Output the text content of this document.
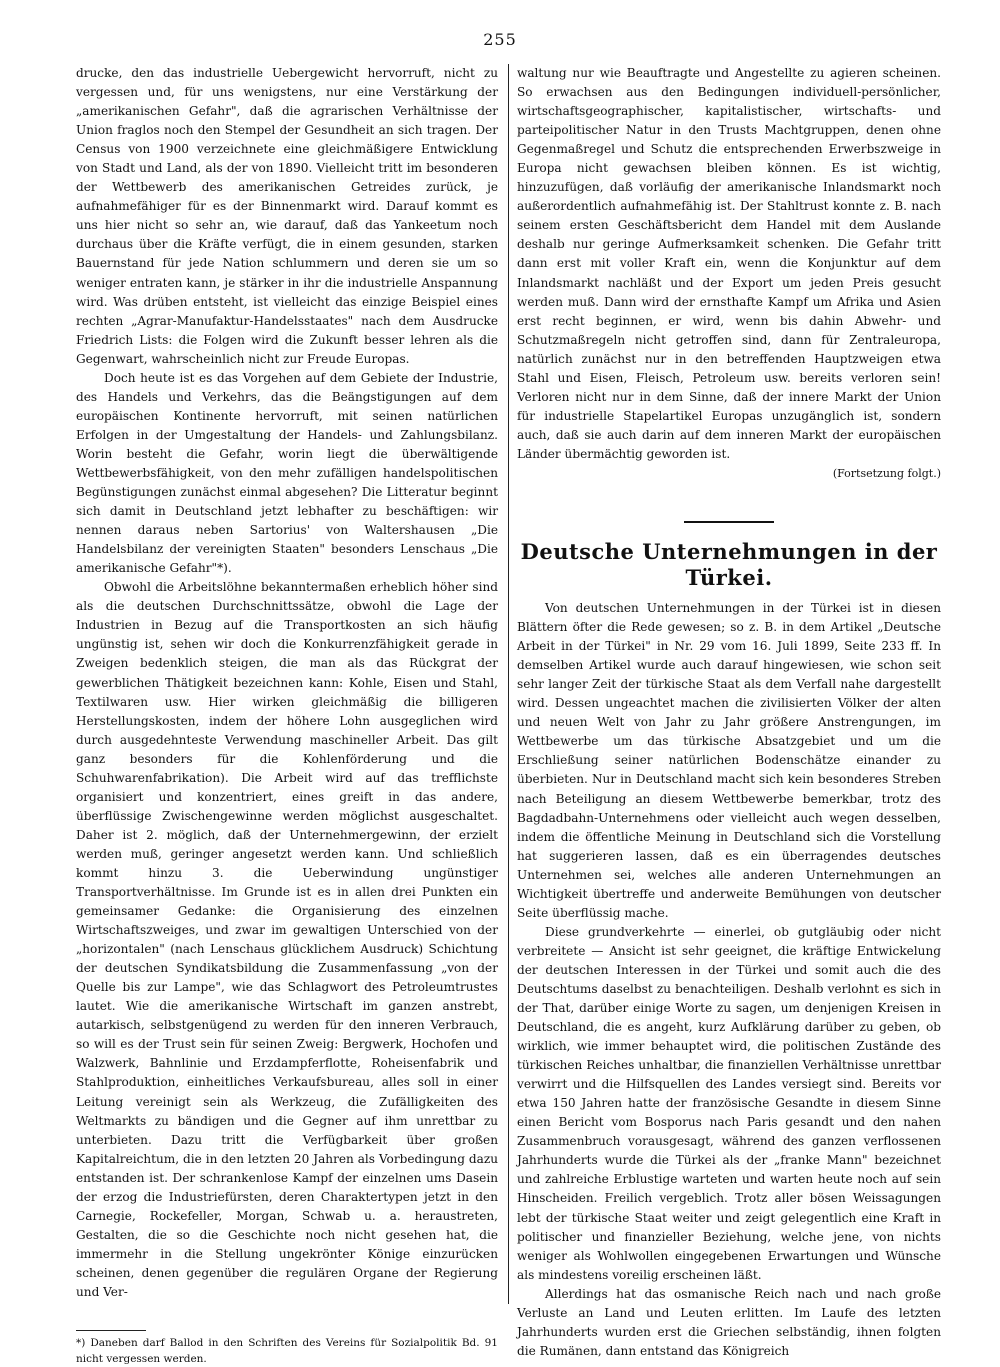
255

drucke, den das industrielle Uebergewicht hervorruft, nicht zu vergessen und, für uns wenigstens, nur eine Verstärkung der „amerikanischen Gefahr", daß die agrarischen Verhältnisse der Union fraglos noch den Stempel der Gesundheit an sich tragen. Der Census von 1900 verzeichnete eine gleichmäßigere Entwicklung von Stadt und Land, als der von 1890. Vielleicht tritt im besonderen der Wettbewerb des amerikanischen Getreides zurück, je aufnahmefähiger für es der Binnenmarkt wird. Darauf kommt es uns hier nicht so sehr an, wie darauf, daß das Yankeetum noch durchaus über die Kräfte verfügt, die in einem gesunden, starken Bauernstand für jede Nation schlummern und deren sie um so weniger entraten kann, je stärker in ihr die industrielle Anspannung wird. Was drüben entsteht, ist vielleicht das einzige Beispiel eines rechten „Agrar-Manufaktur-Handelsstaates" nach dem Ausdrucke Friedrich Lists: die Folgen wird die Zukunft besser lehren als die Gegenwart, wahrscheinlich nicht zur Freude Europas.

Doch heute ist es das Vorgehen auf dem Gebiete der Industrie, des Handels und Verkehrs, das die Beängstigungen auf dem europäischen Kontinente hervorruft, mit seinen natürlichen Erfolgen in der Umgestaltung der Handels- und Zahlungsbilanz. Worin besteht die Gefahr, worin liegt die überwältigende Wettbewerbsfähigkeit, von den mehr zufälligen handelspolitischen Begünstigungen zunächst einmal abgesehen? Die Litteratur beginnt sich damit in Deutschland jetzt lebhafter zu beschäftigen: wir nennen daraus neben Sartorius' von Waltershausen „Die Handelsbilanz der vereinigten Staaten" besonders Lenschaus „Die amerikanische Gefahr"*).

Obwohl die Arbeitslöhne bekanntermaßen erheblich höher sind als die deutschen Durchschnittssätze, obwohl die Lage der Industrien in Bezug auf die Transportkosten an sich häufig ungünstig ist, sehen wir doch die Konkurrenzfähigkeit gerade in Zweigen bedenklich steigen, die man als das Rückgrat der gewerblichen Thätigkeit bezeichnen kann: Kohle, Eisen und Stahl, Textilwaren usw. Hier wirken gleichmäßig die billigeren Herstellungskosten, indem der höhere Lohn ausgeglichen wird durch ausgedehnteste Verwendung maschineller Arbeit. Das gilt ganz besonders für die Kohlenförderung und die Schuhwarenfabrikation). Die Arbeit wird auf das trefflichste organisiert und konzentriert, eines greift in das andere, überflüssige Zwischengewinne werden möglichst ausgeschaltet. Daher ist 2. möglich, daß der Unternehmergewinn, der erzielt werden muß, geringer angesetzt werden kann. Und schließlich kommt hinzu 3. die Ueberwindung ungünstiger Transportverhältnisse. Im Grunde ist es in allen drei Punkten ein gemeinsamer Gedanke: die Organisierung des einzelnen Wirtschaftszweiges, und zwar im gewaltigen Unterschied von der „horizontalen" (nach Lenschaus glücklichem Ausdruck) Schichtung der deutschen Syndikatsbildung die Zusammenfassung „von der Quelle bis zur Lampe", wie das Schlagwort des Petroleumtrustes lautet. Wie die amerikanische Wirtschaft im ganzen anstrebt, autarkisch, selbstgenügend zu werden für den inneren Verbrauch, so will es der Trust sein für seinen Zweig: Bergwerk, Hochofen und Walzwerk, Bahnlinie und Erzdampferflotte, Roheisenfabrik und Stahlproduktion, einheitliches Verkaufsbureau, alles soll in einer Leitung vereinigt sein als Werkzeug, die Zufälligkeiten des Weltmarkts zu bändigen und die Gegner auf ihm unrettbar zu unterbieten. Dazu tritt die Verfügbarkeit über großen Kapitalreichtum, die in den letzten 20 Jahren als Vorbedingung dazu entstanden ist. Der schrankenlose Kampf der einzelnen ums Dasein der erzog die Industriefürsten, deren Charaktertypen jetzt in den Carnegie, Rockefeller, Morgan, Schwab u. a. heraustreten, Gestalten, die so die Geschichte noch nicht gesehen hat, die immermehr in die Stellung ungekrönter Könige einzurücken scheinen, denen gegenüber die regulären Organe der Regierung und Ver-

*) Daneben darf Ballod in den Schriften des Vereins für Sozialpolitik Bd. 91 nicht vergessen werden.

waltung nur wie Beauftragte und Angestellte zu agieren scheinen. So erwachsen aus den Bedingungen individuell-persönlicher, wirtschaftsgeographischer, kapitalistischer, wirtschafts- und parteipolitischer Natur in den Trusts Machtgruppen, denen ohne Gegenmaßregel und Schutz die entsprechenden Erwerbszweige in Europa nicht gewachsen bleiben können. Es ist wichtig, hinzuzufügen, daß vorläufig der amerikanische Inlandsmarkt noch außerordentlich aufnahmefähig ist. Der Stahltrust konnte z. B. nach seinem ersten Geschäftsbericht dem Handel mit dem Auslande deshalb nur geringe Aufmerksamkeit schenken. Die Gefahr tritt dann erst mit voller Kraft ein, wenn die Konjunktur auf dem Inlandsmarkt nachläßt und der Export um jeden Preis gesucht werden muß. Dann wird der ernsthafte Kampf um Afrika und Asien erst recht beginnen, er wird, wenn bis dahin Abwehr- und Schutzmaßregeln nicht getroffen sind, dann für Zentraleuropa, natürlich zunächst nur in den betreffenden Hauptzweigen etwa Stahl und Eisen, Fleisch, Petroleum usw. bereits verloren sein! Verloren nicht nur in dem Sinne, daß der innere Markt der Union für industrielle Stapelartikel Europas unzugänglich ist, sondern auch, daß sie auch darin auf dem inneren Markt der europäischen Länder übermächtig geworden ist.

(Fortsetzung folgt.)
Deutsche Unternehmungen in der Türkei.

Von deutschen Unternehmungen in der Türkei ist in diesen Blättern öfter die Rede gewesen; so z. B. in dem Artikel „Deutsche Arbeit in der Türkei" in Nr. 29 vom 16. Juli 1899, Seite 233 ff. In demselben Artikel wurde auch darauf hingewiesen, wie schon seit sehr langer Zeit der türkische Staat als dem Verfall nahe dargestellt wird. Dessen ungeachtet machen die zivilisierten Völker der alten und neuen Welt von Jahr zu Jahr größere Anstrengungen, im Wettbewerbe um das türkische Absatzgebiet und um die Erschließung seiner natürlichen Bodenschätze einander zu überbieten. Nur in Deutschland macht sich kein besonderes Streben nach Beteiligung an diesem Wettbewerbe bemerkbar, trotz des Bagdadbahn-Unternehmens oder vielleicht auch wegen desselben, indem die öffentliche Meinung in Deutschland sich die Vorstellung hat suggerieren lassen, daß es ein überragendes deutsches Unternehmen sei, welches alle anderen Unternehmungen an Wichtigkeit übertreffe und anderweite Bemühungen von deutscher Seite überflüssig mache.

Diese grundverkehrte — einerlei, ob gutgläubig oder nicht verbreitete — Ansicht ist sehr geeignet, die kräftige Entwickelung der deutschen Interessen in der Türkei und somit auch die des Deutschtums daselbst zu benachteiligen. Deshalb verlohnt es sich in der That, darüber einige Worte zu sagen, um denjenigen Kreisen in Deutschland, die es angeht, kurz Aufklärung darüber zu geben, ob wirklich, wie immer behauptet wird, die politischen Zustände des türkischen Reiches unhaltbar, die finanziellen Verhältnisse unrettbar verwirrt und die Hilfsquellen des Landes versiegt sind. Bereits vor etwa 150 Jahren hatte der französische Gesandte in diesem Sinne einen Bericht vom Bosporus nach Paris gesandt und den nahen Zusammenbruch vorausgesagt, während des ganzen verflossenen Jahrhunderts wurde die Türkei als der „franke Mann" bezeichnet und zahlreiche Erblustige warteten und warten heute noch auf sein Hinscheiden. Freilich vergeblich. Trotz aller bösen Weissagungen lebt der türkische Staat weiter und zeigt gelegentlich eine Kraft in politischer und finanzieller Beziehung, welche jene, von nichts weniger als Wohlwollen eingegebenen Erwartungen und Wünsche als mindestens voreilig erscheinen läßt.

Allerdings hat das osmanische Reich nach und nach große Verluste an Land und Leuten erlitten. Im Laufe des letzten Jahrhunderts wurden erst die Griechen selbständig, ihnen folgten die Rumänen, dann entstand das Königreich
